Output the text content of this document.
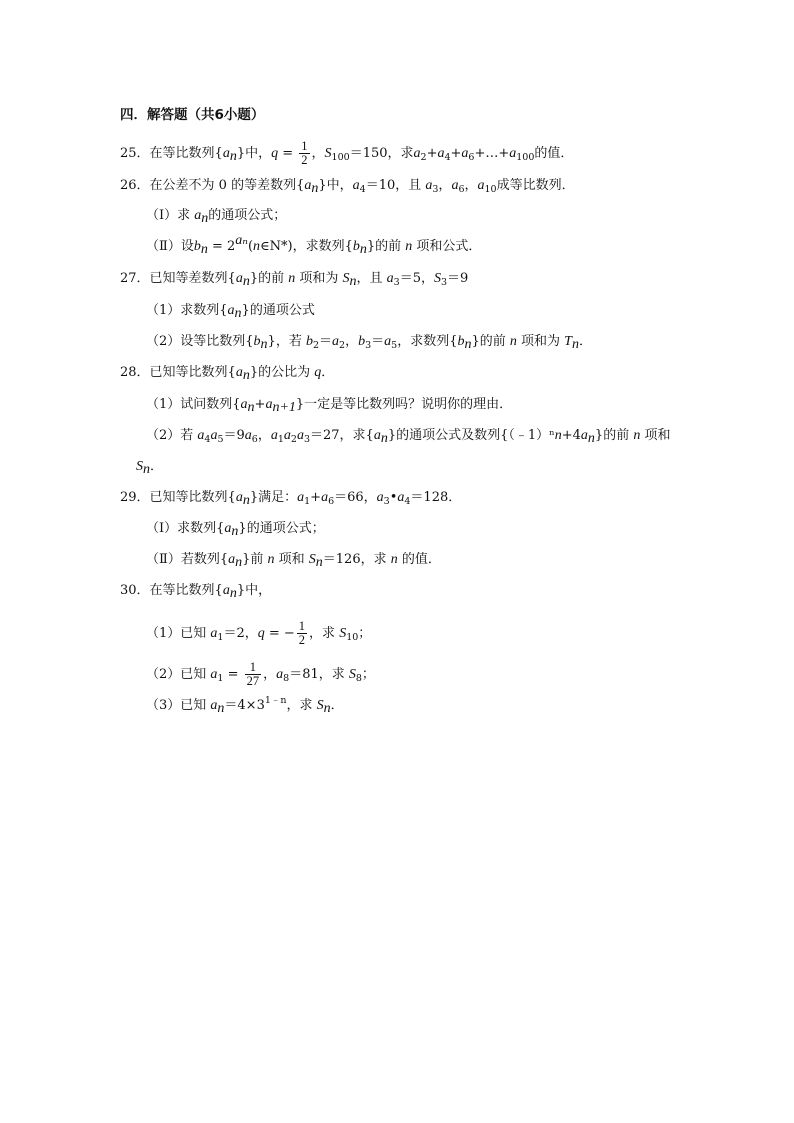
四．解答题（共6小题）
25．在等比数列$\{a_n\}$中，$q = \frac{1}{2}$ ，$S_{100}=150$，求$a_2+a_4+a_6+\dots+a_{100}$的值．
26．在公差不为 0 的等差数列$\{a_n\}$中，$a_4=10$，且 $a_3$，$a_6$，$a_{10}$成等比数列．
（Ⅰ）求 $a_n$的通项公式；
（Ⅱ）设$b_n$ = $2^{a_n}(n\in N*)$，求数列$\{b_n\}$的前 n 项和公式．
27．已知等差数列$\{a_n\}$的前 n 项和为 $S_n$，且 $a_3=5$，$S_3=9$
（1）求数列$\{a_n\}$的通项公式
（2）设等比数列$\{b_n\}$，若 $b_2=a_2$，$b_3=a_5$，求数列$\{b_n\}$的前 n 项和为 $T_n$．
28．已知等比数列$\{a_n\}$的公比为 q．
（1）试问数列$\{a_n+a_{n+1}\}$一定是等比数列吗？说明你的理由．
（2）若 $a_4a_5=9a_6$，$a_1a_2a_3=27$，求$\{a_n\}$的通项公式及数列$\{(﹣1)^nn+4a_n\}$的前 n 项和
$S_n$．
29．已知等比数列$\{a_n\}$满足：$a_1+a_6=66$，$a_3•a_4=128$．
（Ⅰ）求数列$\{a_n\}$的通项公式；
（Ⅱ）若数列$\{a_n\}$前 n 项和 $S_n=126$，求 n 的值．
30．在等比数列$\{a_n\}$中，
（1）已知 $a_1=2$，q = − $\frac{1}{2}$ ，求 $S_{10}$；
（2）已知 $a_1 = \frac{1}{27}$ ，$a_8=81$，求 $S_8$；
（3）已知 $a_n=4\times 3^{1﹣n}$，求 $S_n$．
